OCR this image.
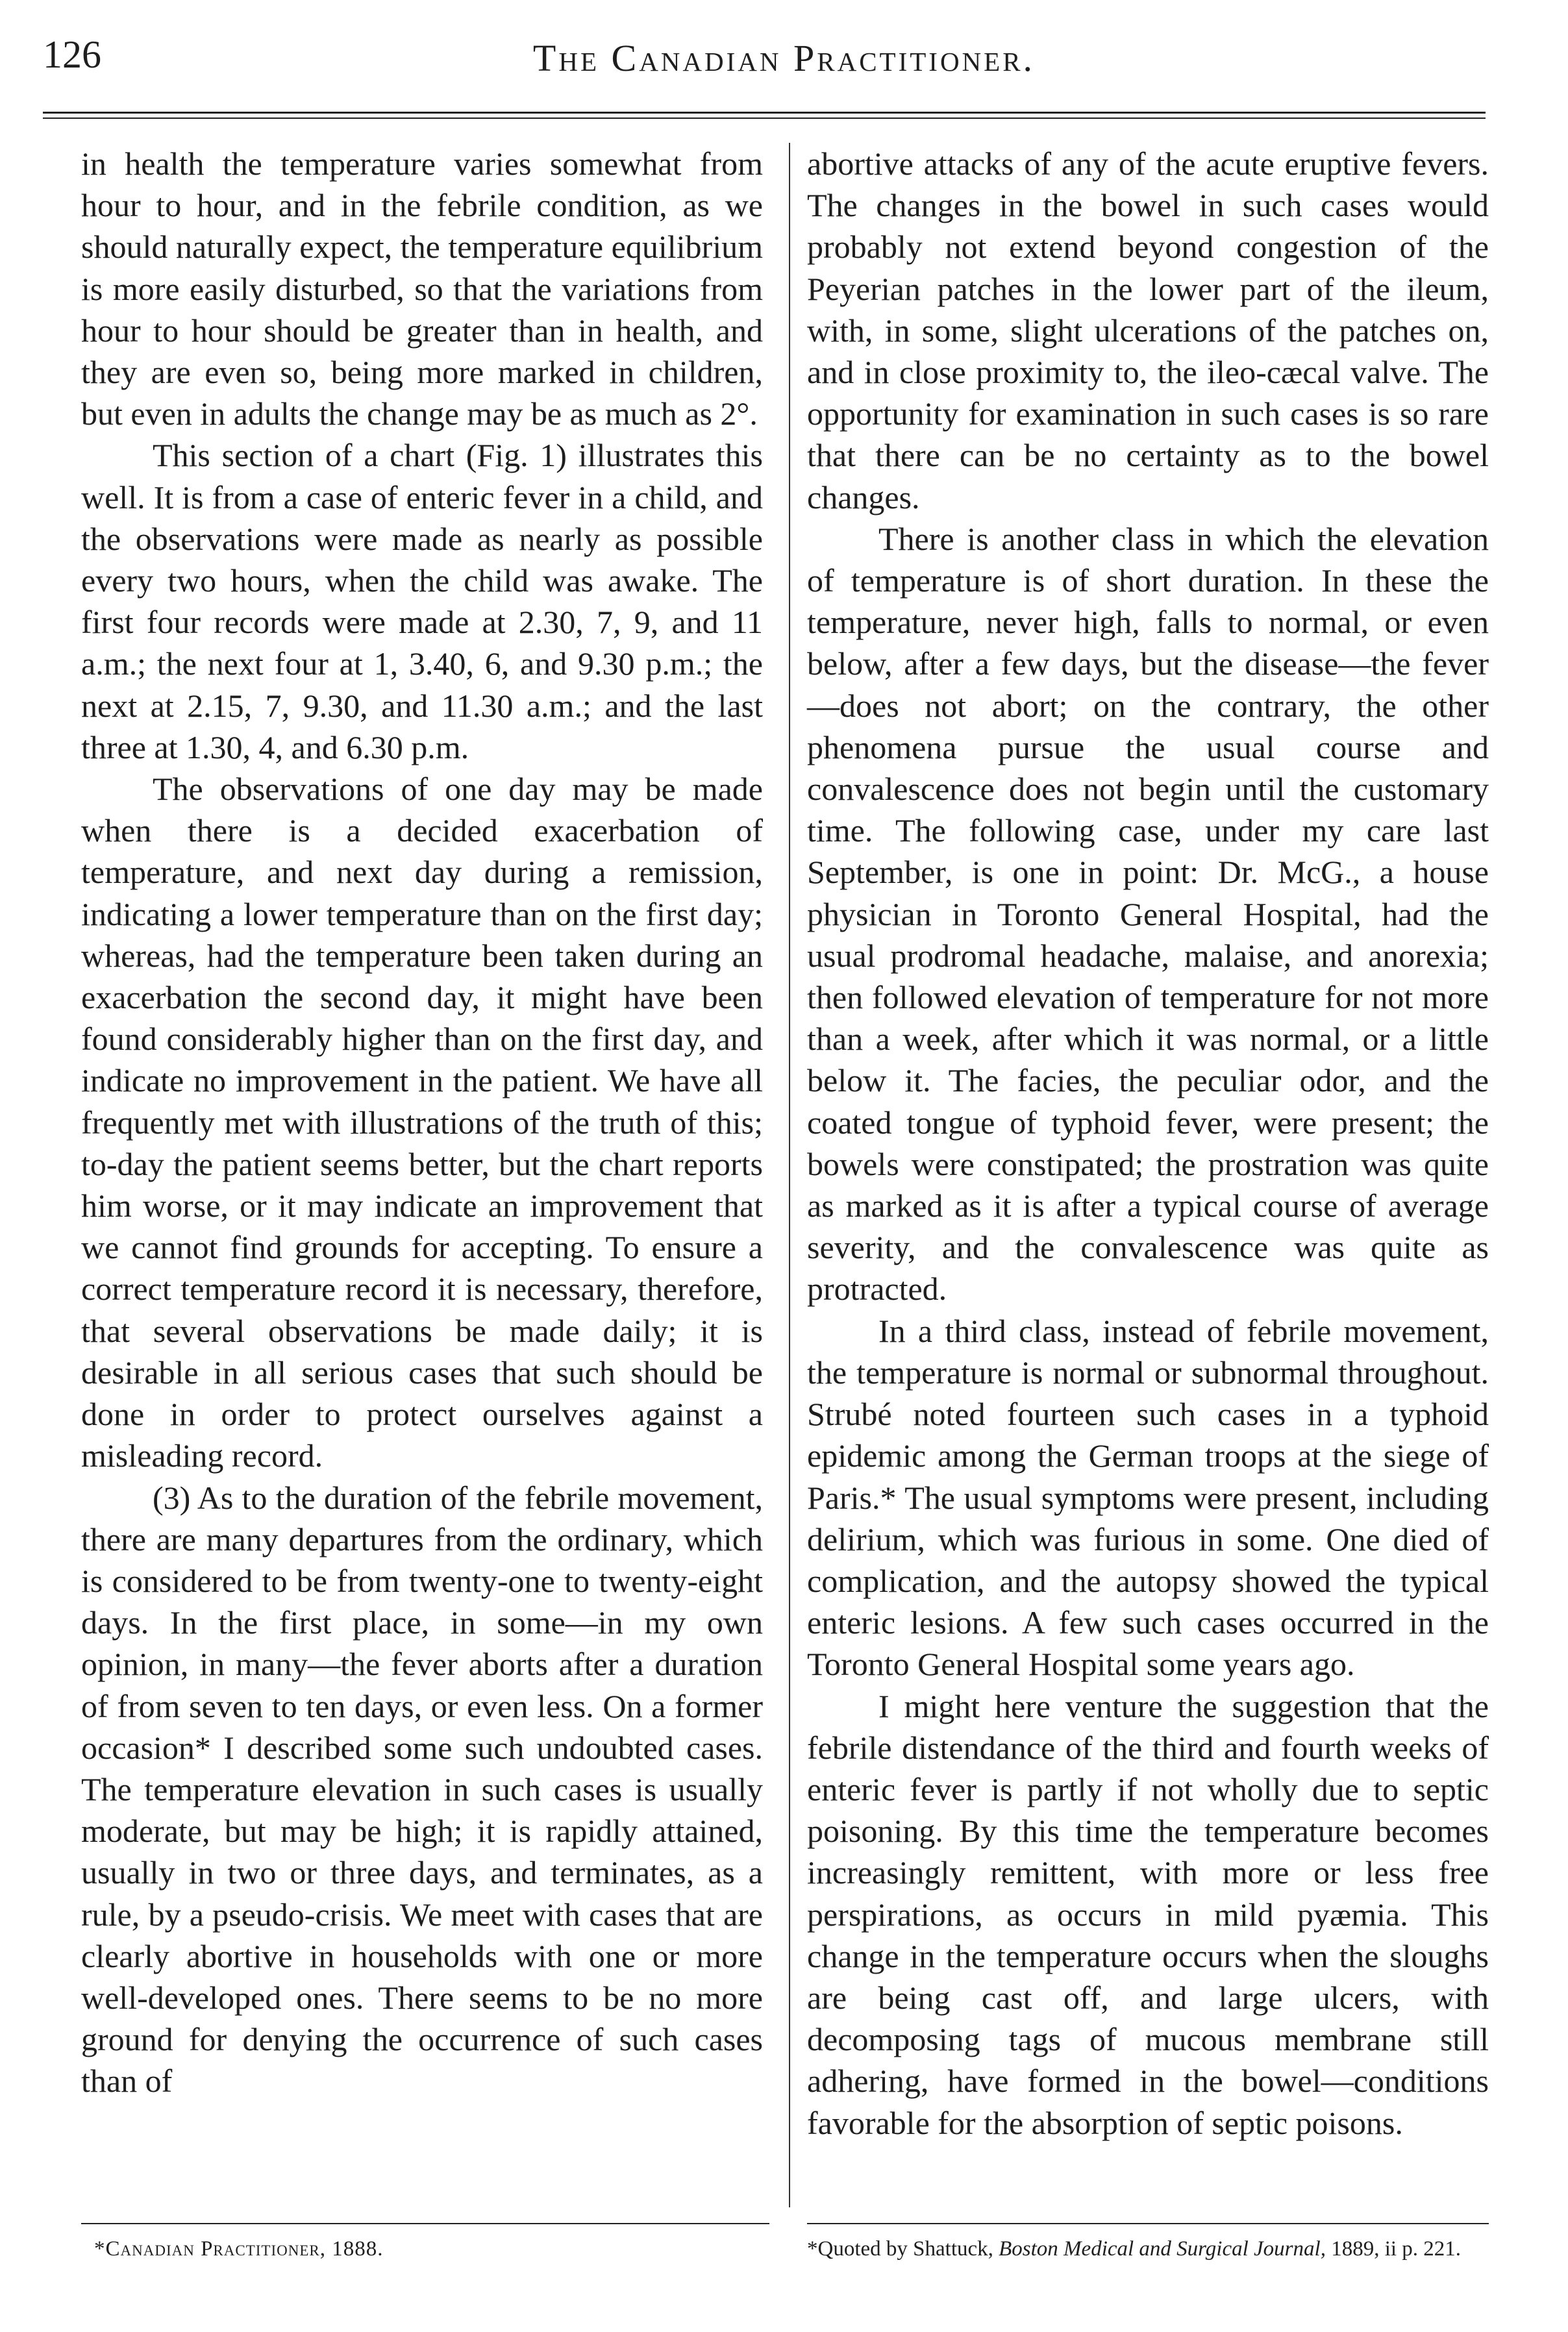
126	The Canadian Practitioner.

in health the temperature varies somewhat from hour to hour, and in the febrile condition, as we should naturally expect, the temperature equilibrium is more easily disturbed, so that the variations from hour to hour should be greater than in health, and they are even so, being more marked in children, but even in adults the change may be as much as 2°.

This section of a chart (Fig. 1) illustrates this well. It is from a case of enteric fever in a child, and the observations were made as nearly as possible every two hours, when the child was awake. The first four records were made at 2.30, 7, 9, and 11 a.m.; the next four at 1, 3.40, 6, and 9.30 p.m.; the next at 2.15, 7, 9.30, and 11.30 a.m.; and the last three at 1.30, 4, and 6.30 p.m.

The observations of one day may be made when there is a decided exacerbation of temperature, and next day during a remission, indicating a lower temperature than on the first day; whereas, had the temperature been taken during an exacerbation the second day, it might have been found considerably higher than on the first day, and indicate no improvement in the patient. We have all frequently met with illustrations of the truth of this; to-day the patient seems better, but the chart reports him worse, or it may indicate an improvement that we cannot find grounds for accepting. To ensure a correct temperature record it is necessary, therefore, that several observations be made daily; it is desirable in all serious cases that such should be done in order to protect ourselves against a misleading record.

(3) As to the duration of the febrile movement, there are many departures from the ordinary, which is considered to be from twenty-one to twenty-eight days. In the first place, in some—in my own opinion, in many—the fever aborts after a duration of from seven to ten days, or even less. On a former occasion* I described some such undoubted cases. The temperature elevation in such cases is usually moderate, but may be high; it is rapidly attained, usually in two or three days, and terminates, as a rule, by a pseudo-crisis. We meet with cases that are clearly abortive in households with one or more well-developed ones. There seems to be no more ground for denying the occurrence of such cases than of

abortive attacks of any of the acute eruptive fevers. The changes in the bowel in such cases would probably not extend beyond congestion of the Peyerian patches in the lower part of the ileum, with, in some, slight ulcerations of the patches on, and in close proximity to, the ileo-cæcal valve. The opportunity for examination in such cases is so rare that there can be no certainty as to the bowel changes.

There is another class in which the elevation of temperature is of short duration. In these the temperature, never high, falls to normal, or even below, after a few days, but the disease—the fever—does not abort; on the contrary, the other phenomena pursue the usual course and convalescence does not begin until the customary time. The following case, under my care last September, is one in point: Dr. McG., a house physician in Toronto General Hospital, had the usual prodromal headache, malaise, and anorexia; then followed elevation of temperature for not more than a week, after which it was normal, or a little below it. The facies, the peculiar odor, and the coated tongue of typhoid fever, were present; the bowels were constipated; the prostration was quite as marked as it is after a typical course of average severity, and the convalescence was quite as protracted.

In a third class, instead of febrile movement, the temperature is normal or subnormal throughout. Strubé noted fourteen such cases in a typhoid epidemic among the German troops at the siege of Paris.* The usual symptoms were present, including delirium, which was furious in some. One died of complication, and the autopsy showed the typical enteric lesions. A few such cases occurred in the Toronto General Hospital some years ago.

I might here venture the suggestion that the febrile distendance of the third and fourth weeks of enteric fever is partly if not wholly due to septic poisoning. By this time the temperature becomes increasingly remittent, with more or less free perspirations, as occurs in mild pyæmia. This change in the temperature occurs when the sloughs are being cast off, and large ulcers, with decomposing tags of mucous membrane still adhering, have formed in the bowel—conditions favorable for the absorption of septic poisons.

*Canadian Practitioner, 1888.	*Quoted by Shattuck, Boston Medical and Surgical Journal, 1889, ii p. 221.
